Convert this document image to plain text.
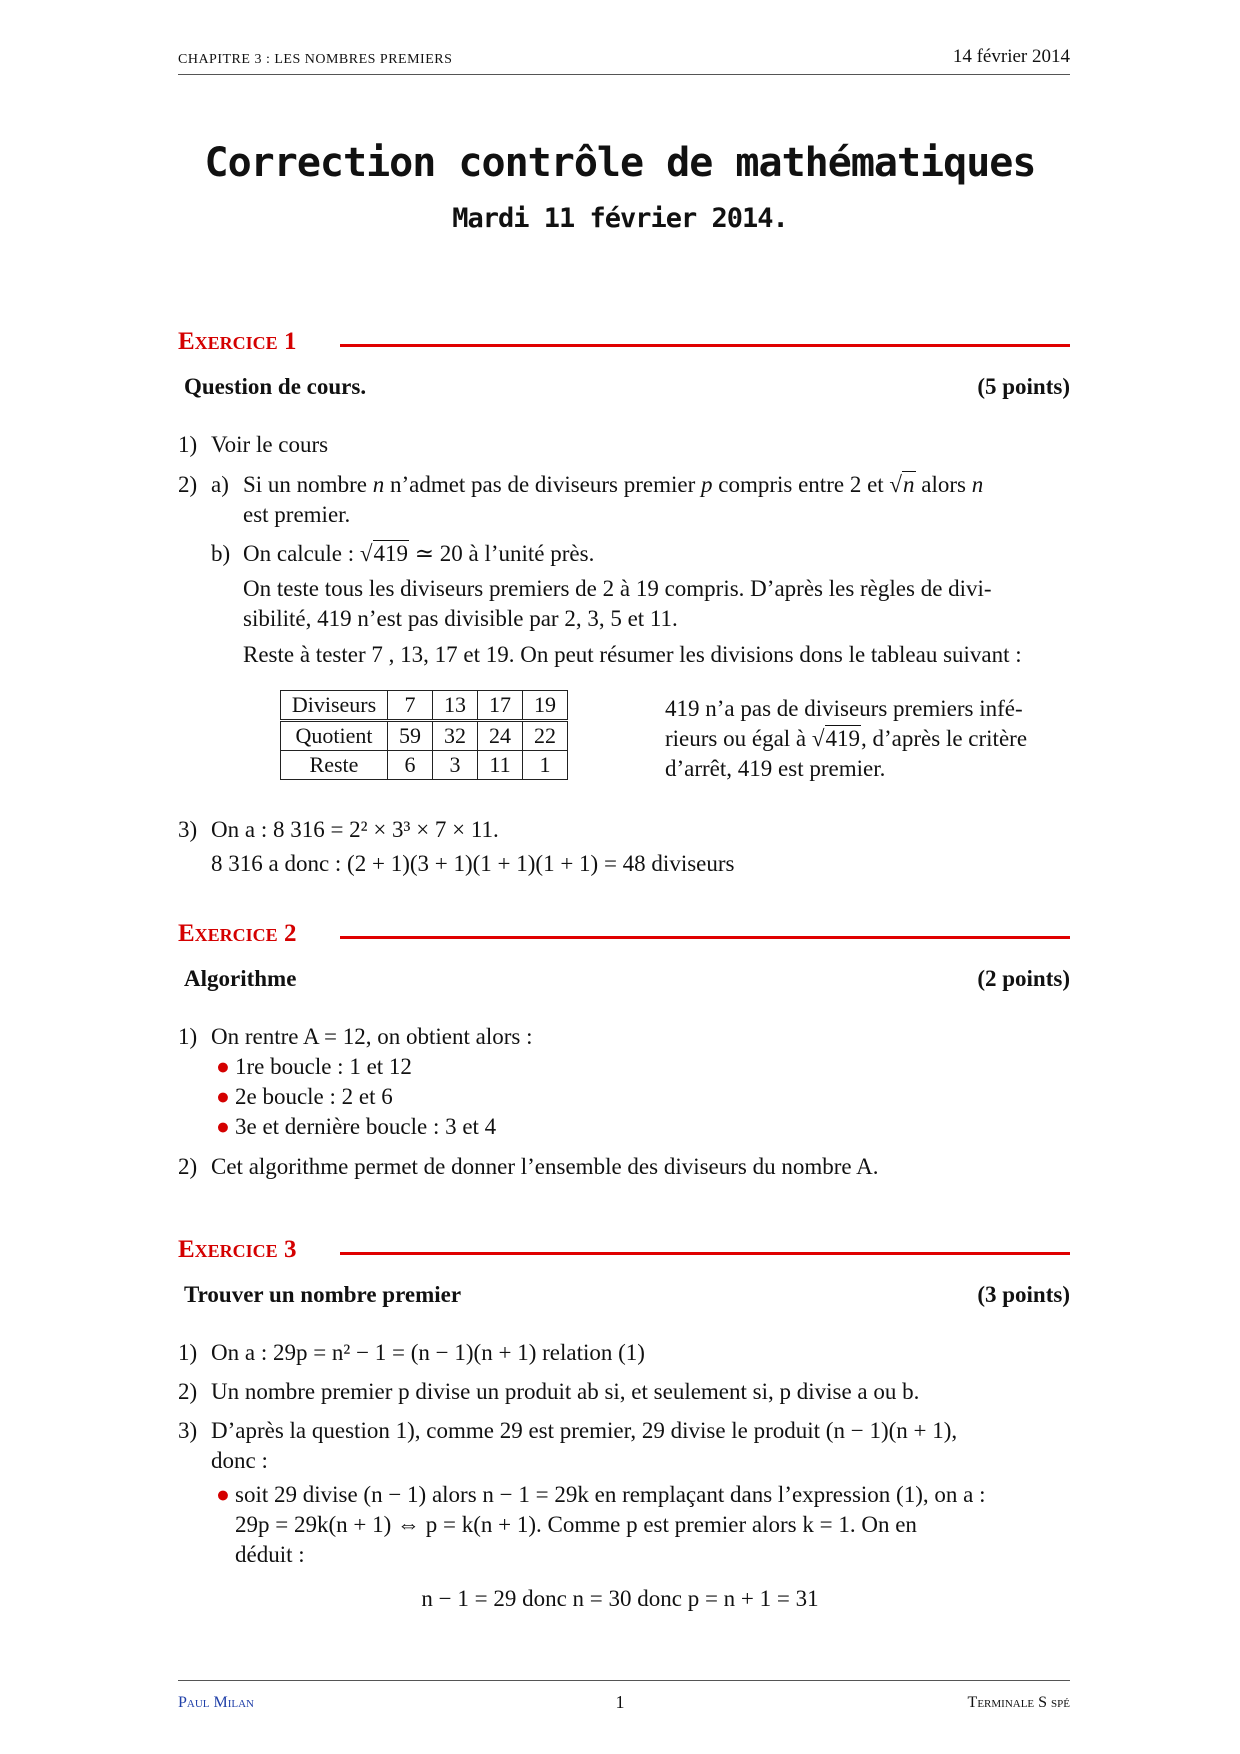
CHAPITRE 3 : LES NOMBRES PREMIERS	14 février 2014
Correction contrôle de mathématiques
Mardi 11 février 2014.
Exercice 1
Question de cours.	(5 points)
1) Voir le cours
2) a) Si un nombre n n’admet pas de diviseurs premier p compris entre 2 et √n alors n
est premier.
b) On calcule : √419 ≃ 20 à l’unité près.
On teste tous les diviseurs premiers de 2 à 19 compris. D’après les règles de divi-
sibilité, 419 n’est pas divisible par 2, 3, 5 et 11.
Reste à tester 7 , 13, 17 et 19. On peut résumer les divisions dons le tableau suivant :
Diviseurs	7	13	17	19
Quotient	59	32	24	22
Reste	6	3	11	1
419 n’a pas de diviseurs premiers infé-
rieurs ou égal à √419, d’après le critère
d’arrêt, 419 est premier.
3) On a : 8 316 = 2² × 3³ × 7 × 11.
8 316 a donc : (2 + 1)(3 + 1)(1 + 1)(1 + 1) = 48 diviseurs
Exercice 2
Algorithme	(2 points)
1) On rentre A = 12, on obtient alors :
● 1re boucle : 1 et 12
● 2e boucle : 2 et 6
● 3e et dernière boucle : 3 et 4
2) Cet algorithme permet de donner l’ensemble des diviseurs du nombre A.
Exercice 3
Trouver un nombre premier	(3 points)
1) On a : 29p = n² − 1 = (n − 1)(n + 1) relation (1)
2) Un nombre premier p divise un produit ab si, et seulement si, p divise a ou b.
3) D’après la question 1), comme 29 est premier, 29 divise le produit (n − 1)(n + 1),
donc :
● soit 29 divise (n − 1) alors n − 1 = 29k en remplaçant dans l’expression (1), on a :
29p = 29k(n + 1) ⇔ p = k(n + 1). Comme p est premier alors k = 1. On en
déduit :
n − 1 = 29 donc n = 30 donc p = n + 1 = 31
Paul Milan	1	Terminale S spé
